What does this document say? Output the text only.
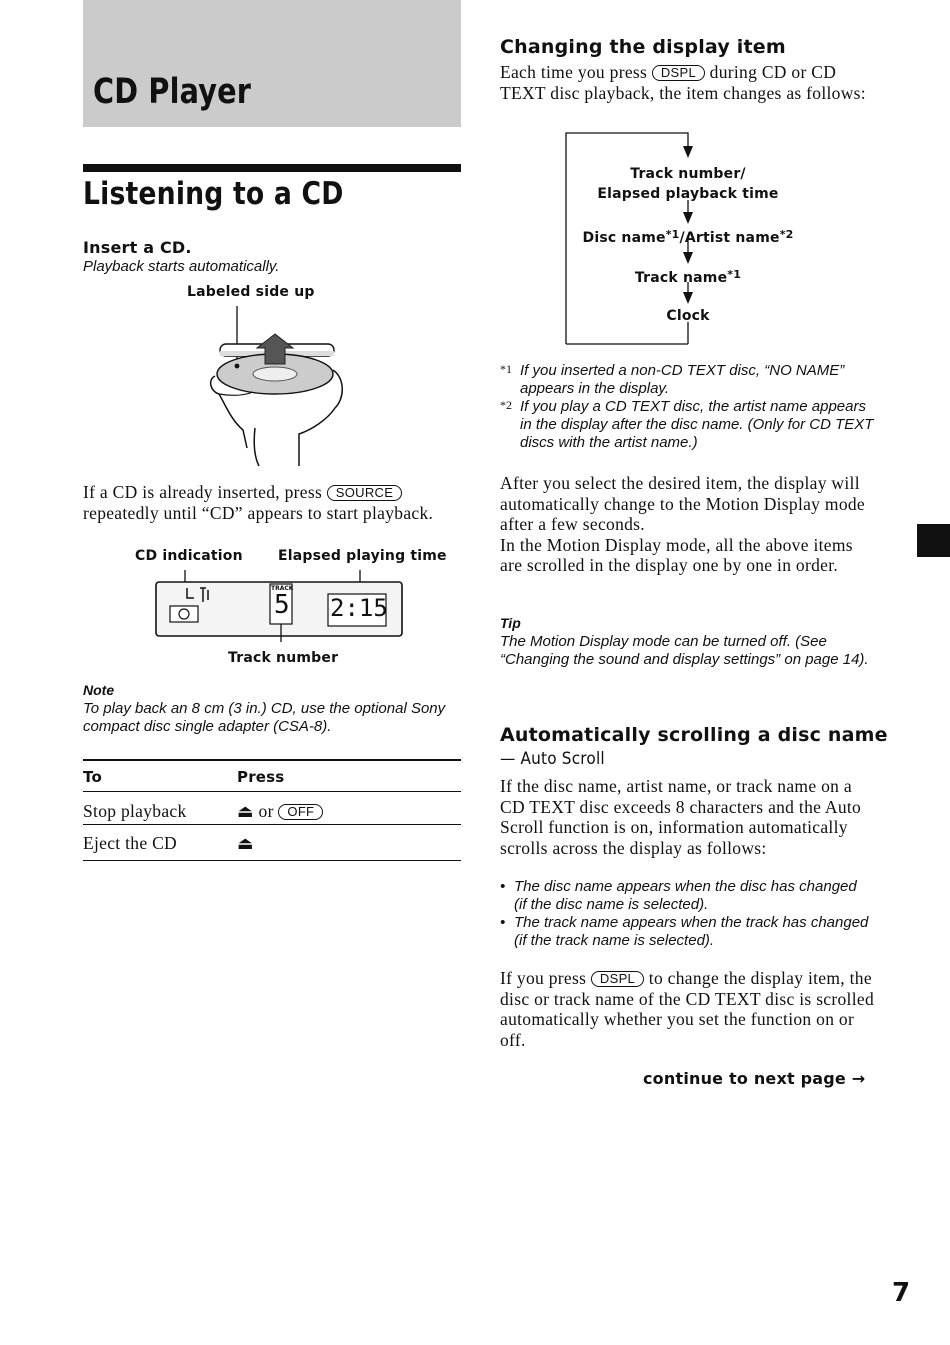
CD Player
Listening to a CD
Insert a CD.
Playback starts automatically.
Labeled side up
If a CD is already inserted, press SOURCE repeatedly until “CD” appears to start playback.
CD indication	Elapsed playing time
TRACK
5 2:15
Track number
Note
To play back an 8 cm (3 in.) CD, use the optional Sony compact disc single adapter (CSA-8).
To	Press
Stop playback	⏏ or OFF
Eject the CD	⏏
Changing the display item
Each time you press DSPL during CD or CD TEXT disc playback, the item changes as follows:
Track number/
Elapsed playback time
Disc name$^{*1}$/Artist name$^{*2}$
Track name$^{*1}$
Clock
*1 If you inserted a non-CD TEXT disc, “NO NAME” appears in the display.
*2 If you play a CD TEXT disc, the artist name appears in the display after the disc name. (Only for CD TEXT discs with the artist name.)
After you select the desired item, the display will automatically change to the Motion Display mode after a few seconds.
In the Motion Display mode, all the above items are scrolled in the display one by one in order.
Tip
The Motion Display mode can be turned off. (See “Changing the sound and display settings” on page 14).
Automatically scrolling a disc name
— Auto Scroll
If the disc name, artist name, or track name on a CD TEXT disc exceeds 8 characters and the Auto Scroll function is on, information automatically scrolls across the display as follows:
• The disc name appears when the disc has changed (if the disc name is selected).
• The track name appears when the track has changed (if the track name is selected).
If you press DSPL to change the display item, the disc or track name of the CD TEXT disc is scrolled automatically whether you set the function on or off.
continue to next page →
7
